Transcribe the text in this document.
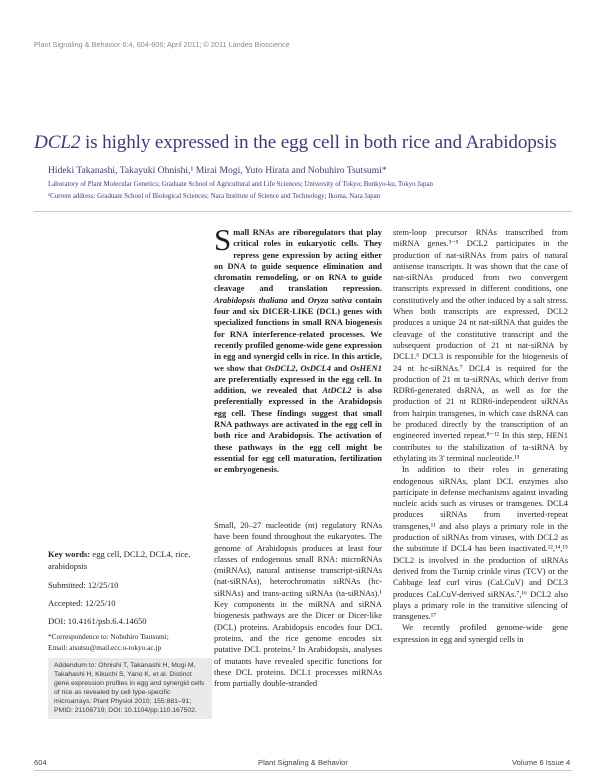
Plant Signaling & Behavior 6:4, 604-606; April 2011; © 2011 Landes Bioscience
DCL2 is highly expressed in the egg cell in both rice and Arabidopsis
Hideki Takanashi, Takayuki Ohnishi,¹ Mirai Mogi, Yuto Hirata and Nobuhiro Tsutsumi*
Laboratory of Plant Molecular Genetics; Graduate School of Agricultural and Life Sciences; University of Tokyo; Bunkyo-ku, Tokyo Japan
¹Current address: Graduate School of Biological Sciences; Nara Institute of Science and Technology; Ikoma, Nara Japan

Small RNAs are riboregulators that play critical roles in eukaryotic cells. They repress gene expression by acting either on DNA to guide sequence elimination and chromatin remodeling, or on RNA to guide cleavage and translation repression. Arabidopsis thaliana and Oryza sativa contain four and six DICER-LIKE (DCL) genes with specialized functions in small RNA biogenesis for RNA interference-related processes. We recently profiled genome-wide gene expression in egg and synergid cells in rice. In this article, we show that OsDCL2, OsDCL4 and OsHEN1 are preferentially expressed in the egg cell. In addition, we revealed that AtDCL2 is also preferentially expressed in the Arabidopsis egg cell. These findings suggest that small RNA pathways are activated in the egg cell in both rice and Arabidopsis. The activation of these pathways in the egg cell might be essential for egg cell maturation, fertilization or embryogenesis.

Small, 20–27 nucleotide (nt) regulatory RNAs have been found throughout the eukaryotes. The genome of Arabidopsis produces at least four classes of endogenous small RNA: microRNAs (miRNAs), natural antisense transcript-siRNAs (nat-siRNAs), heterochromatin siRNAs (hc-siRNAs) and trans-acting siRNAs (ta-siRNAs).¹ Key components in the miRNA and siRNA biogenesis pathways are the Dicer or Dicer-like (DCL) proteins. Arabidopsis encodes four DCL proteins, and the rice genome encodes six putative DCL proteins.² In Arabidopsis, analyses of mutants have revealed specific functions for these DCL proteins. DCL1 processes miRNAs from partially double-stranded

stem-loop precursor RNAs transcribed from miRNA genes.³⁻⁵ DCL2 participates in the production of nat-siRNAs from pairs of natural antisense transcripts. It was shown that the case of nat-siRNAs produced from two convergent transcripts expressed in different conditions, one constitutively and the other induced by a salt stress. When both transcripts are expressed, DCL2 produces a unique 24 nt nat-siRNA that guides the cleavage of the constitutive transcript and the subsequent production of 21 nt nat-siRNA by DCL1.⁶ DCL3 is responsible for the biogenesis of 24 nt hc-siRNAs.⁷ DCL4 is required for the production of 21 nt ta-siRNAs, which derive from RDR6-generated dsRNA, as well as for the production of 21 nt RDR6-independent siRNAs from hairpin transgenes, in which case dsRNA can be produced directly by the transcription of an engineered inverted repeat.⁸⁻¹² In this step, HEN1 contributes to the stabilization of ta-siRNA by ethylating its 3' terminal nucleotide.¹³

In addition to their roles in generating endogenous siRNAs, plant DCL enzymes also participate in defense mechanisms against invading nucleic acids such as viruses or transgenes. DCL4 produces siRNAs from inverted-repeat transgenes,¹¹ and also plays a primary role in the production of siRNAs from viruses, with DCL2 as the substitute if DCL4 has been inactivated.¹²,¹⁴,¹⁵ DCL2 is involved in the production of siRNAs derived from the Turnip crinkle virus (TCV) or the Cabbage leaf curl virus (CaLCuV) and DCL3 produces CaLCuV-derived siRNAs.⁷,¹⁶ DCL2 also plays a primary role in the transitive silencing of transgenes.¹⁷

We recently profiled genome-wide gene expression in egg and synergid cells in

Key words: egg cell, DCL2, DCL4, rice, arabidopsis
Submitted: 12/25/10
Accepted: 12/25/10
DOI: 10.4161/psb.6.4.14650
*Correspondence to: Nobuhiro Tsutsumi;
Email: atsutsu@mail.ecc.u-tokyo.ac.jp
Addendum to: Ohnishi T, Takanashi H, Mogi M, Takahashi H, Kikuchi S, Yano K, et al. Distinct gene expression profiles in egg and synergid cells of rice as revealed by cell type-specific microarrays. Plant Physiol 2010; 155:881–91; PMID: 21106719; DOI: 10.1104/pp.110.167502.
604	Plant Signaling & Behavior	Volume 6 Issue 4
